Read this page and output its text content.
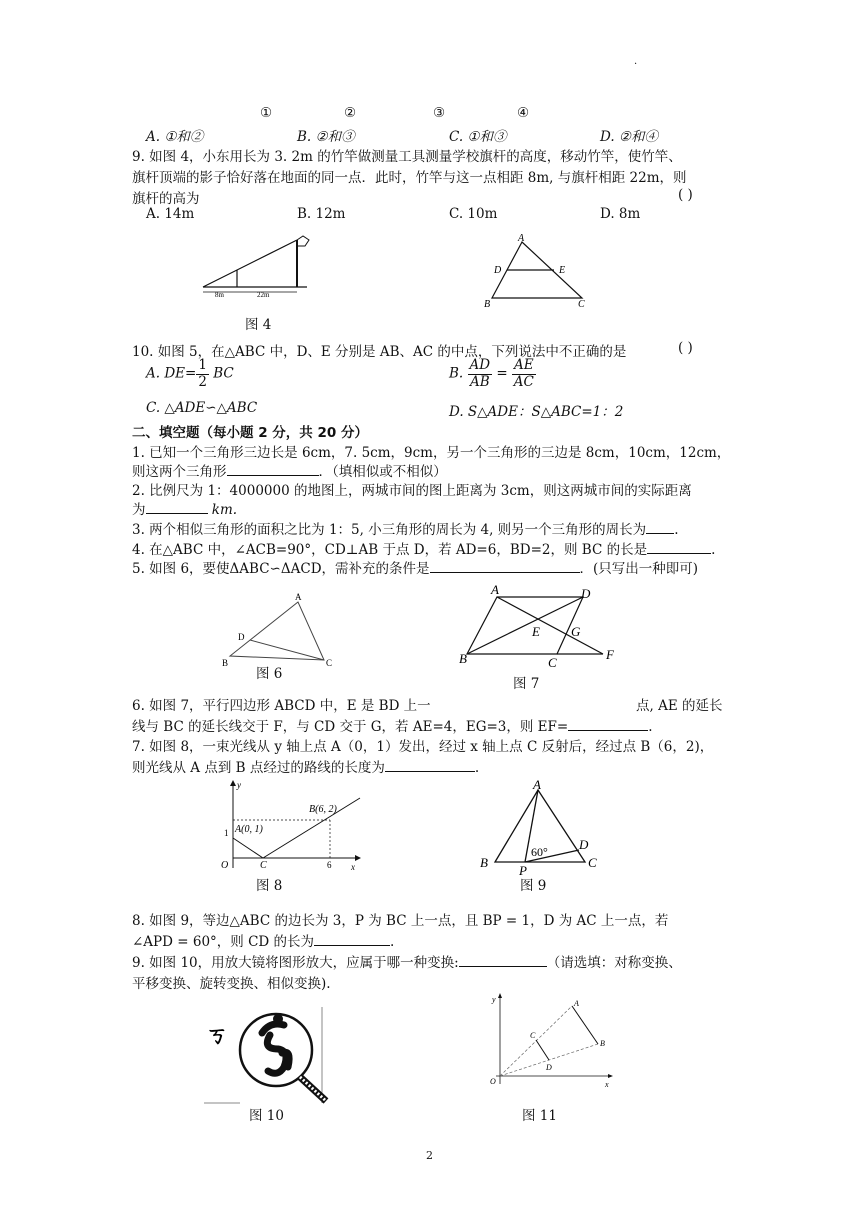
.
①	②	③	④
A. ①和②	B. ②和③	C. ①和③	D. ②和④
9. 如图 4，小东用长为 3. 2m 的竹竿做测量工具测量学校旗杆的高度，移动竹竿，使竹竿、
旗杆顶端的影子恰好落在地面的同一点．此时，竹竿与这一点相距 8m, 与旗杆相距 22m，则
旗杆的高为	( )
A. 14m	B. 12m	C. 10m	D. 8m
8m	22m
图 4
A
B	C
D	E
10. 如图 5，在△ABC 中，D、E 分别是 AB、AC 的中点，下列说法中不正确的是	( )
A. $DE= \frac{1}{2}$ BC	B. $\frac{AD}{AB} = \frac{AE}{AC}$
C. △ADE∽△ABC	D. S△ADE：S△ABC=1：2
二、填空题（每小题 2 分，共 20 分）
1. 已知一个三角形三边长是 6cm，7. 5cm，9cm，另一个三角形的三边是 8cm，10cm，12cm，
则这两个三角形	．（填相似或不相似）
2. 比例尺为 1：4000000 的地图上，两城市间的图上距离为 3cm，则这两城市间的实际距离
为	km.
3. 两个相似三角形的面积之比为 1：5, 小三角形的周长为 4, 则另一个三角形的周长为 .
4. 在△ABC 中，∠ACB=90°，CD⊥AB 于点 D，若 AD=6，BD=2，则 BC 的长是	.
5. 如图 6，要使ΔABC∽ΔACD，需补充的条件是	．(只写出一种即可)
A
B	C
D
图 6
A	D
B	C
F
E G
图 7
6. 如图 7，平行四边形 ABCD 中，E 是 BD 上一	点, AE 的延长
线与 BC 的延长线交于 F，与 CD 交于 G，若 AE=4，EG=3，则 EF=	.
7. 如图 8，一束光线从 y 轴上点 A（0，1）发出，经过 x 轴上点 C 反射后，经过点 B（6，2)，
则光线从 A 点到 B 点经过的路线的长度为	.
y
x
O	C
1
6
A(0, 1)
B(6, 2)
图 8
A
B	C
D
P
60°
图 9
8. 如图 9，等边△ABC 的边长为 3，P 为 BC 上一点，且 BP = 1，D 为 AC 上一点，若
∠APD = 60°，则 CD 的长为	.
9. 如图 10，用放大镜将图形放大，应属于哪一种变换:	（请选填：对称变换、
平移变换、旋转变换、相似变换).
ㄎ
图 10
y
x
O
A
B
C
D
图 11
2
